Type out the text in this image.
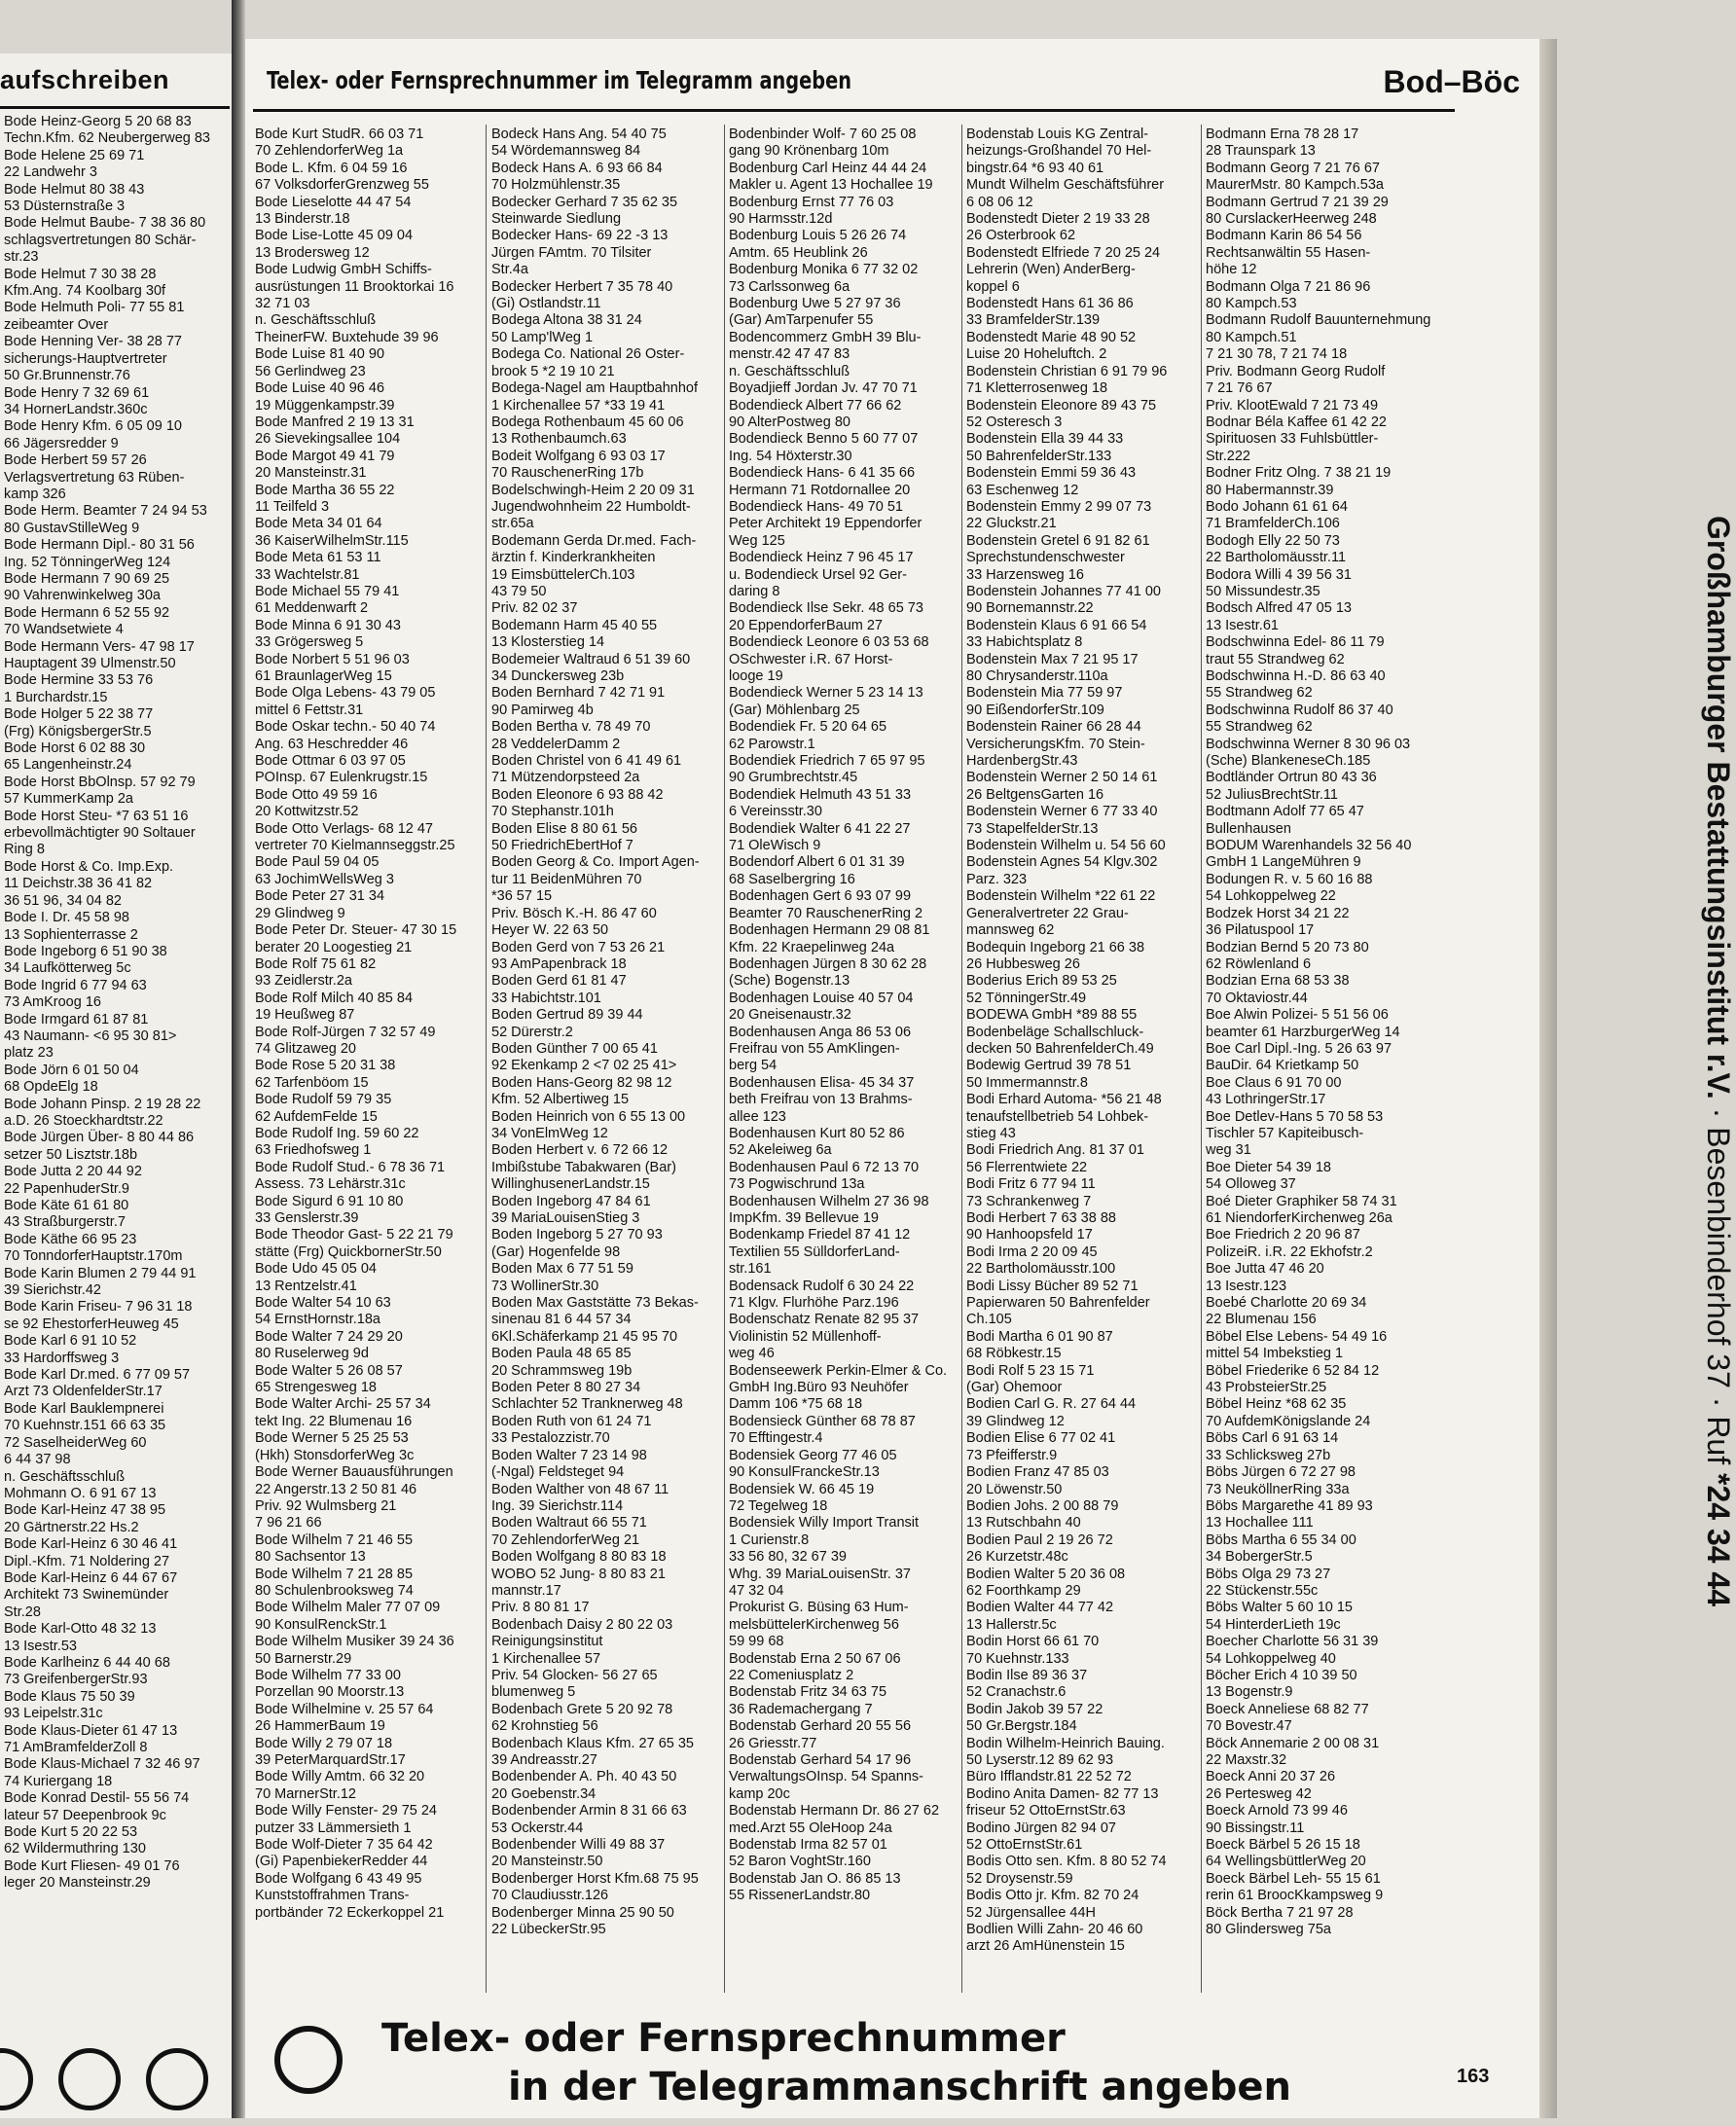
aufschreiben
Bode Heinz-Georg 5 20 68 83
Techn.Kfm. 62 Neubergerweg 83
Bode Helene 25 69 71
22 Landwehr 3
Bode Helmut 80 38 43
53 Düsternstraße 3
Bode Helmut Baube- 7 38 36 80
schlagsvertretungen 80 Schär-
str.23
Bode Helmut 7 30 38 28
Kfm.Ang. 74 Koolbarg 30f
Bode Helmuth Poli- 77 55 81
zeibeamter Over
Bode Henning Ver- 38 28 77
sicherungs-Hauptvertreter
50 Gr.Brunnenstr.76
Bode Henry 7 32 69 61
34 HornerLandstr.360c
Bode Henry Kfm. 6 05 09 10
66 Jägersredder 9
Bode Herbert 59 57 26
Verlagsvertretung 63 Rüben-
kamp 326
Bode Herm. Beamter 7 24 94 53
80 GustavStilleWeg 9
Bode Hermann Dipl.- 80 31 56
Ing. 52 TönningerWeg 124
Bode Hermann 7 90 69 25
90 Vahrenwinkelweg 30a
Bode Hermann 6 52 55 92
70 Wandsetwiete 4
Bode Hermann Vers- 47 98 17
Hauptagent 39 Ulmenstr.50
Bode Hermine 33 53 76
1 Burchardstr.15
Bode Holger 5 22 38 77
(Frg) KönigsbergerStr.5
Bode Horst 6 02 88 30
65 Langenheinstr.24
Bode Horst BbOlnsp. 57 92 79
57 KummerKamp 2a
Bode Horst Steu- *7 63 51 16
erbevollmächtigter 90 Soltauer
Ring 8
Bode Horst & Co. Imp.Exp.
11 Deichstr.38 36 41 82
36 51 96, 34 04 82
Bode I. Dr. 45 58 98
13 Sophienterrasse 2
Bode Ingeborg 6 51 90 38
34 Laufkötterweg 5c
Bode Ingrid 6 77 94 63
73 AmKroog 16
Bode Irmgard 61 87 81
43 Naumann- <6 95 30 81>
platz 23
Bode Jörn 6 01 50 04
68 OpdeElg 18
Bode Johann Pinsp. 2 19 28 22
a.D. 26 Stoeckhardtstr.22
Bode Jürgen Über- 8 80 44 86
setzer 50 Lisztstr.18b
Bode Jutta 2 20 44 92
22 PapenhuderStr.9
Bode Käte 61 61 80
43 Straßburgerstr.7
Bode Käthe 66 95 23
70 TonndorferHauptstr.170m
Bode Karin Blumen 2 79 44 91
39 Sierichstr.42
Bode Karin Friseu- 7 96 31 18
se 92 EhestorferHeuweg 45
Bode Karl 6 91 10 52
33 Hardorffsweg 3
Bode Karl Dr.med. 6 77 09 57
Arzt 73 OldenfelderStr.17
Bode Karl Bauklempnerei
70 Kuehnstr.151 66 63 35
72 SaselheiderWeg 60
6 44 37 98
n. Geschäftsschluß
Mohmann O. 6 91 67 13
Bode Karl-Heinz 47 38 95
20 Gärtnerstr.22 Hs.2
Bode Karl-Heinz 6 30 46 41
Dipl.-Kfm. 71 Noldering 27
Bode Karl-Heinz 6 44 67 67
Architekt 73 Swinemünder
Str.28
Bode Karl-Otto 48 32 13
13 Isestr.53
Bode Karlheinz 6 44 40 68
73 GreifenbergerStr.93
Bode Klaus 75 50 39
93 Leipelstr.31c
Bode Klaus-Dieter 61 47 13
71 AmBramfelderZoll 8
Bode Klaus-Michael 7 32 46 97
74 Kuriergang 18
Bode Konrad Destil- 55 56 74
lateur 57 Deepenbrook 9c
Bode Kurt 5 20 22 53
62 Wildermuthring 130
Bode Kurt Fliesen- 49 01 76
leger 20 Mansteinstr.29
Telex- oder Fernsprechnummer im Telegramm angeben	Bod–Böc
Bode Kurt StudR. 66 03 71
70 ZehlendorferWeg 1a
Bode L. Kfm. 6 04 59 16
67 VolksdorferGrenzweg 55
Bode Lieselotte 44 47 54
13 Binderstr.18
Bode Lise-Lotte 45 09 04
13 Brodersweg 12
Bode Ludwig GmbH Schiffs-
ausrüstungen 11 Brooktorkai 16
32 71 03
n. Geschäftsschluß
TheinerFW. Buxtehude 39 96
Bode Luise 81 40 90
56 Gerlindweg 23
Bode Luise 40 96 46
19 Müggenkampstr.39
Bode Manfred 2 19 13 31
26 Sievekingsallee 104
Bode Margot 49 41 79
20 Mansteinstr.31
Bode Martha 36 55 22
11 Teilfeld 3
Bode Meta 34 01 64
36 KaiserWilhelmStr.115
Bode Meta 61 53 11
33 Wachtelstr.81
Bode Michael 55 79 41
61 Meddenwarft 2
Bode Minna 6 91 30 43
33 Grögersweg 5
Bode Norbert 5 51 96 03
61 BraunlagerWeg 15
Bode Olga Lebens- 43 79 05
mittel 6 Fettstr.31
Bode Oskar techn.- 50 40 74
Ang. 63 Heschredder 46
Bode Ottmar 6 03 97 05
POInsp. 67 Eulenkrugstr.15
Bode Otto 49 59 16
20 Kottwitzstr.52
Bode Otto Verlags- 68 12 47
vertreter 70 Kielmannseggstr.25
Bode Paul 59 04 05
63 JochimWellsWeg 3
Bode Peter 27 31 34
29 Glindweg 9
Bode Peter Dr. Steuer- 47 30 15
berater 20 Loogestieg 21
Bode Rolf 75 61 82
93 Zeidlerstr.2a
Bode Rolf Milch 40 85 84
19 Heußweg 87
Bode Rolf-Jürgen 7 32 57 49
74 Glitzaweg 20
Bode Rose 5 20 31 38
62 Tarfenböom 15
Bode Rudolf 59 79 35
62 AufdemFelde 15
Bode Rudolf Ing. 59 60 22
63 Friedhofsweg 1
Bode Rudolf Stud.- 6 78 36 71
Assess. 73 Lehärstr.31c
Bode Sigurd 6 91 10 80
33 Genslerstr.39
Bode Theodor Gast- 5 22 21 79
stätte (Frg) QuickbornerStr.50
Bode Udo 45 05 04
13 Rentzelstr.41
Bode Walter 54 10 63
54 ErnstHornstr.18a
Bode Walter 7 24 29 20
80 Ruselerweg 9d
Bode Walter 5 26 08 57
65 Strengesweg 18
Bode Walter Archi- 25 57 34
tekt Ing. 22 Blumenau 16
Bode Werner 5 25 25 53
(Hkh) StonsdorferWeg 3c
Bode Werner Bauausführungen
22 Angerstr.13 2 50 81 46
Priv. 92 Wulmsberg 21
7 96 21 66
Bode Wilhelm 7 21 46 55
80 Sachsentor 13
Bode Wilhelm 7 21 28 85
80 Schulenbrooksweg 74
Bode Wilhelm Maler 77 07 09
90 KonsulRenckStr.1
Bode Wilhelm Musiker 39 24 36
50 Barnerstr.29
Bode Wilhelm 77 33 00
Porzellan 90 Moorstr.13
Bode Wilhelmine v. 25 57 64
26 HammerBaum 19
Bode Willy 2 79 07 18
39 PeterMarquardStr.17
Bode Willy Amtm. 66 32 20
70 MarnerStr.12
Bode Willy Fenster- 29 75 24
putzer 33 Lämmersieth 1
Bode Wolf-Dieter 7 35 64 42
(Gi) PapenbiekerRedder 44
Bode Wolfgang 6 43 49 95
Kunststoffrahmen Trans-
portbänder 72 Eckerkoppel 21
Bodeck Hans Ang. 54 40 75
54 Wördemannsweg 84
Bodeck Hans A. 6 93 66 84
70 Holzmühlenstr.35
Bodecker Gerhard 7 35 62 35
Steinwarde Siedlung
Bodecker Hans- 69 22 -3 13
Jürgen FAmtm. 70 Tilsiter
Str.4a
Bodecker Herbert 7 35 78 40
(Gi) Ostlandstr.11
Bodega Altona 38 31 24
50 Lamp'lWeg 1
Bodega Co. National 26 Oster-
brook 5 *2 19 10 21
Bodega-Nagel am Hauptbahnhof
1 Kirchenallee 57 *33 19 41
Bodega Rothenbaum 45 60 06
13 Rothenbaumch.63
Bodeit Wolfgang 6 93 03 17
70 RauschenerRing 17b
Bodelschwingh-Heim 2 20 09 31
Jugendwohnheim 22 Humboldt-
str.65a
Bodemann Gerda Dr.med. Fach-
ärztin f. Kinderkrankheiten
19 EimsbüttelerCh.103
43 79 50
Priv. 82 02 37
Bodemann Harm 45 40 55
13 Klosterstieg 14
Bodemeier Waltraud 6 51 39 60
34 Dunckersweg 23b
Boden Bernhard 7 42 71 91
90 Pamirweg 4b
Boden Bertha v. 78 49 70
28 VeddelerDamm 2
Boden Christel von 6 41 49 61
71 Mützendorpsteed 2a
Boden Eleonore 6 93 88 42
70 Stephanstr.101h
Boden Elise 8 80 61 56
50 FriedrichEbertHof 7
Boden Georg & Co. Import Agen-
tur 11 BeidenMühren 70
*36 57 15
Priv. Bösch K.-H. 86 47 60
Heyer W. 22 63 50
Boden Gerd von 7 53 26 21
93 AmPapenbrack 18
Boden Gerd 61 81 47
33 Habichtstr.101
Boden Gertrud 89 39 44
52 Dürerstr.2
Boden Günther 7 00 65 41
92 Ekenkamp 2 <7 02 25 41>
Boden Hans-Georg 82 98 12
Kfm. 52 Albertiweg 15
Boden Heinrich von 6 55 13 00
34 VonElmWeg 12
Boden Herbert v. 6 72 66 12
Imbißstube Tabakwaren (Bar)
WillinghusenerLandstr.15
Boden Ingeborg 47 84 61
39 MariaLouisenStieg 3
Boden Ingeborg 5 27 70 93
(Gar) Hogenfelde 98
Boden Max 6 77 51 59
73 WollinerStr.30
Boden Max Gaststätte 73 Bekas-
sinenau 81 6 44 57 34
6Kl.Schäferkamp 21 45 95 70
Boden Paula 48 65 85
20 Schrammsweg 19b
Boden Peter 8 80 27 34
Schlachter 52 Tranknerweg 48
Boden Ruth von 61 24 71
33 Pestalozzistr.70
Boden Walter 7 23 14 98
(-Ngal) Feldsteget 94
Boden Walther von 48 67 11
Ing. 39 Sierichstr.114
Boden Waltraut 66 55 71
70 ZehlendorferWeg 21
Boden Wolfgang 8 80 83 18
WOBO 52 Jung- 8 80 83 21
mannstr.17
Priv. 8 80 81 17
Bodenbach Daisy 2 80 22 03
Reinigungsinstitut
1 Kirchenallee 57
Priv. 54 Glocken- 56 27 65
blumenweg 5
Bodenbach Grete 5 20 92 78
62 Krohnstieg 56
Bodenbach Klaus Kfm. 27 65 35
39 Andreasstr.27
Bodenbender A. Ph. 40 43 50
20 Goebenstr.34
Bodenbender Armin 8 31 66 63
53 Ockerstr.44
Bodenbender Willi 49 88 37
20 Mansteinstr.50
Bodenberger Horst Kfm.68 75 95
70 Claudiusstr.126
Bodenberger Minna 25 90 50
22 LübeckerStr.95
Bodenbinder Wolf- 7 60 25 08
gang 90 Krönenbarg 10m
Bodenburg Carl Heinz 44 44 24
Makler u. Agent 13 Hochallee 19
Bodenburg Ernst 77 76 03
90 Harmsstr.12d
Bodenburg Louis 5 26 26 74
Amtm. 65 Heublink 26
Bodenburg Monika 6 77 32 02
73 Carlssonweg 6a
Bodenburg Uwe 5 27 97 36
(Gar) AmTarpenufer 55
Bodencommerz GmbH 39 Blu-
menstr.42 47 47 83
n. Geschäftsschluß
Boyadjieff Jordan Jv. 47 70 71
Bodendieck Albert 77 66 62
90 AlterPostweg 80
Bodendieck Benno 5 60 77 07
Ing. 54 Höxterstr.30
Bodendieck Hans- 6 41 35 66
Hermann 71 Rotdornallee 20
Bodendieck Hans- 49 70 51
Peter Architekt 19 Eppendorfer
Weg 125
Bodendieck Heinz 7 96 45 17
u. Bodendieck Ursel 92 Ger-
daring 8
Bodendieck Ilse Sekr. 48 65 73
20 EppendorferBaum 27
Bodendieck Leonore 6 03 53 68
OSchwester i.R. 67 Horst-
looge 19
Bodendieck Werner 5 23 14 13
(Gar) Möhlenbarg 25
Bodendiek Fr. 5 20 64 65
62 Parowstr.1
Bodendiek Friedrich 7 65 97 95
90 Grumbrechtstr.45
Bodendiek Helmuth 43 51 33
6 Vereinsstr.30
Bodendiek Walter 6 41 22 27
71 OleWisch 9
Bodendorf Albert 6 01 31 39
68 Saselbergring 16
Bodenhagen Gert 6 93 07 99
Beamter 70 RauschenerRing 2
Bodenhagen Hermann 29 08 81
Kfm. 22 Kraepelinweg 24a
Bodenhagen Jürgen 8 30 62 28
(Sche) Bogenstr.13
Bodenhagen Louise 40 57 04
20 Gneisenaustr.32
Bodenhausen Anga 86 53 06
Freifrau von 55 AmKlingen-
berg 54
Bodenhausen Elisa- 45 34 37
beth Freifrau von 13 Brahms-
allee 123
Bodenhausen Kurt 80 52 86
52 Akeleiweg 6a
Bodenhausen Paul 6 72 13 70
73 Pogwischrund 13a
Bodenhausen Wilhelm 27 36 98
ImpKfm. 39 Bellevue 19
Bodenkamp Friedel 87 41 12
Textilien 55 SülldorferLand-
str.161
Bodensack Rudolf 6 30 24 22
71 Klgv. Flurhöhe Parz.196
Bodenschatz Renate 82 95 37
Violinistin 52 Müllenhoff-
weg 46
Bodenseewerk Perkin-Elmer & Co.
GmbH Ing.Büro 93 Neuhöfer
Damm 106 *75 68 18
Bodensieck Günther 68 78 87
70 Efftingestr.4
Bodensiek Georg 77 46 05
90 KonsulFranckeStr.13
Bodensiek W. 66 45 19
72 Tegelweg 18
Bodensiek Willy Import Transit
1 Curienstr.8
33 56 80, 32 67 39
Whg. 39 MariaLouisenStr. 37
47 32 04
Prokurist G. Büsing 63 Hum-
melsbüttelerKirchenweg 56
59 99 68
Bodenstab Erna 2 50 67 06
22 Comeniusplatz 2
Bodenstab Fritz 34 63 75
36 Rademachergang 7
Bodenstab Gerhard 20 55 56
26 Griesstr.77
Bodenstab Gerhard 54 17 96
VerwaltungsOInsp. 54 Spanns-
kamp 20c
Bodenstab Hermann Dr. 86 27 62
med.Arzt 55 OleHoop 24a
Bodenstab Irma 82 57 01
52 Baron VoghtStr.160
Bodenstab Jan O. 86 85 13
55 RissenerLandstr.80
Bodenstab Louis KG Zentral-
heizungs-Großhandel 70 Hel-
bingstr.64 *6 93 40 61
Mundt Wilhelm Geschäftsführer
6 08 06 12
Bodenstedt Dieter 2 19 33 28
26 Osterbrook 62
Bodenstedt Elfriede 7 20 25 24
Lehrerin (Wen) AnderBerg-
koppel 6
Bodenstedt Hans 61 36 86
33 BramfelderStr.139
Bodenstedt Marie 48 90 52
Luise 20 Hoheluftch. 2
Bodenstein Christian 6 91 79 96
71 Kletterrosenweg 18
Bodenstein Eleonore 89 43 75
52 Osteresch 3
Bodenstein Ella 39 44 33
50 BahrenfelderStr.133
Bodenstein Emmi 59 36 43
63 Eschenweg 12
Bodenstein Emmy 2 99 07 73
22 Gluckstr.21
Bodenstein Gretel 6 91 82 61
Sprechstundenschwester
33 Harzensweg 16
Bodenstein Johannes 77 41 00
90 Bornemannstr.22
Bodenstein Klaus 6 91 66 54
33 Habichtsplatz 8
Bodenstein Max 7 21 95 17
80 Chrysanderstr.110a
Bodenstein Mia 77 59 97
90 EißendorferStr.109
Bodenstein Rainer 66 28 44
VersicherungsKfm. 70 Stein-
HardenbergStr.43
Bodenstein Werner 2 50 14 61
26 BeltgensGarten 16
Bodenstein Werner 6 77 33 40
73 StapelfelderStr.13
Bodenstein Wilhelm u. 54 56 60
Bodenstein Agnes 54 Klgv.302
Parz. 323
Bodenstein Wilhelm *22 61 22
Generalvertreter 22 Grau-
mannsweg 62
Bodequin Ingeborg 21 66 38
26 Hubbesweg 26
Boderius Erich 89 53 25
52 TönningerStr.49
BODEWA GmbH *89 88 55
Bodenbeläge Schallschluck-
decken 50 BahrenfelderCh.49
Bodewig Gertrud 39 78 51
50 Immermannstr.8
Bodi Erhard Automa- *56 21 48
tenaufstellbetrieb 54 Lohbek-
stieg 43
Bodi Friedrich Ang. 81 37 01
56 Flerrentwiete 22
Bodi Fritz 6 77 94 11
73 Schrankenweg 7
Bodi Herbert 7 63 38 88
90 Hanhoopsfeld 17
Bodi Irma 2 20 09 45
22 Bartholomäusstr.100
Bodi Lissy Bücher 89 52 71
Papierwaren 50 Bahrenfelder
Ch.105
Bodi Martha 6 01 90 87
68 Röbkestr.15
Bodi Rolf 5 23 15 71
(Gar) Ohemoor
Bodien Carl G. R. 27 64 44
39 Glindweg 12
Bodien Elise 6 77 02 41
73 Pfeifferstr.9
Bodien Franz 47 85 03
20 Löwenstr.50
Bodien Johs. 2 00 88 79
13 Rutschbahn 40
Bodien Paul 2 19 26 72
26 Kurzetstr.48c
Bodien Walter 5 20 36 08
62 Foorthkamp 29
Bodien Walter 44 77 42
13 Hallerstr.5c
Bodin Horst 66 61 70
70 Kuehnstr.133
Bodin Ilse 89 36 37
52 Cranachstr.6
Bodin Jakob 39 57 22
50 Gr.Bergstr.184
Bodin Wilhelm-Heinrich Bauing.
50 Lyserstr.12 89 62 93
Büro Ifflandstr.81 22 52 72
Bodino Anita Damen- 82 77 13
friseur 52 OttoErnstStr.63
Bodino Jürgen 82 94 07
52 OttoErnstStr.61
Bodis Otto sen. Kfm. 8 80 52 74
52 Droysenstr.59
Bodis Otto jr. Kfm. 82 70 24
52 Jürgensallee 44H
Bodlien Willi Zahn- 20 46 60
arzt 26 AmHünenstein 15
Bodmann Erna 78 28 17
28 Traunspark 13
Bodmann Georg 7 21 76 67
MaurerMstr. 80 Kampch.53a
Bodmann Gertrud 7 21 39 29
80 CurslackerHeerweg 248
Bodmann Karin 86 54 56
Rechtsanwältin 55 Hasen-
höhe 12
Bodmann Olga 7 21 86 96
80 Kampch.53
Bodmann Rudolf Bauunternehmung
80 Kampch.51
7 21 30 78, 7 21 74 18
Priv. Bodmann Georg Rudolf
7 21 76 67
Priv. KlootEwald 7 21 73 49
Bodnar Béla Kaffee 61 42 22
Spirituosen 33 Fuhlsbüttler-
Str.222
Bodner Fritz Olng. 7 38 21 19
80 Habermannstr.39
Bodo Johann 61 61 64
71 BramfelderCh.106
Bodogh Elly 22 50 73
22 Bartholomäusstr.11
Bodora Willi 4 39 56 31
50 Missundestr.35
Bodsch Alfred 47 05 13
13 Isestr.61
Bodschwinna Edel- 86 11 79
traut 55 Strandweg 62
Bodschwinna H.-D. 86 63 40
55 Strandweg 62
Bodschwinna Rudolf 86 37 40
55 Strandweg 62
Bodschwinna Werner 8 30 96 03
(Sche) BlankeneseCh.185
Bodtländer Ortrun 80 43 36
52 JuliusBrechtStr.11
Bodtmann Adolf 77 65 47
Bullenhausen
BODUM Warenhandels 32 56 40
GmbH 1 LangeMühren 9
Bodungen R. v. 5 60 16 88
54 Lohkoppelweg 22
Bodzek Horst 34 21 22
36 Pilatuspool 17
Bodzian Bernd 5 20 73 80
62 Röwlenland 6
Bodzian Erna 68 53 38
70 Oktaviostr.44
Boe Alwin Polizei- 5 51 56 06
beamter 61 HarzburgerWeg 14
Boe Carl Dipl.-Ing. 5 26 63 97
BauDir. 64 Krietkamp 50
Boe Claus 6 91 70 00
43 LothringerStr.17
Boe Detlev-Hans 5 70 58 53
Tischler 57 Kapiteibusch-
weg 31
Boe Dieter 54 39 18
54 Olloweg 37
Boé Dieter Graphiker 58 74 31
61 NiendorferKirchenweg 26a
Boe Friedrich 2 20 96 87
PolizeiR. i.R. 22 Ekhofstr.2
Boe Jutta 47 46 20
13 Isestr.123
Boebé Charlotte 20 69 34
22 Blumenau 156
Böbel Else Lebens- 54 49 16
mittel 54 Imbekstieg 1
Böbel Friederike 6 52 84 12
43 ProbsteierStr.25
Böbel Heinz *68 62 35
70 AufdemKönigslande 24
Böbs Carl 6 91 63 14
33 Schlicksweg 27b
Böbs Jürgen 6 72 27 98
73 NeuköllnerRing 33a
Böbs Margarethe 41 89 93
13 Hochallee 111
Böbs Martha 6 55 34 00
34 BobergerStr.5
Böbs Olga 29 73 27
22 Stückenstr.55c
Böbs Walter 5 60 10 15
54 HinterderLieth 19c
Boecher Charlotte 56 31 39
54 Lohkoppelweg 40
Böcher Erich 4 10 39 50
13 Bogenstr.9
Boeck Anneliese 68 82 77
70 Bovestr.47
Böck Annemarie 2 00 08 31
22 Maxstr.32
Boeck Anni 20 37 26
26 Pertesweg 42
Boeck Arnold 73 99 46
90 Bissingstr.11
Boeck Bärbel 5 26 15 18
64 WellingsbüttlerWeg 20
Boeck Bärbel Leh- 55 15 61
rerin 61 BroocKkampsweg 9
Böck Bertha 7 21 97 28
80 Glindersweg 75a
Großhamburger Bestattungsinstitut r.V. · Besenbinderhof 37 · Ruf *24 34 44
Telex- oder Fernsprechnummer
in der Telegrammanschrift angeben	163
